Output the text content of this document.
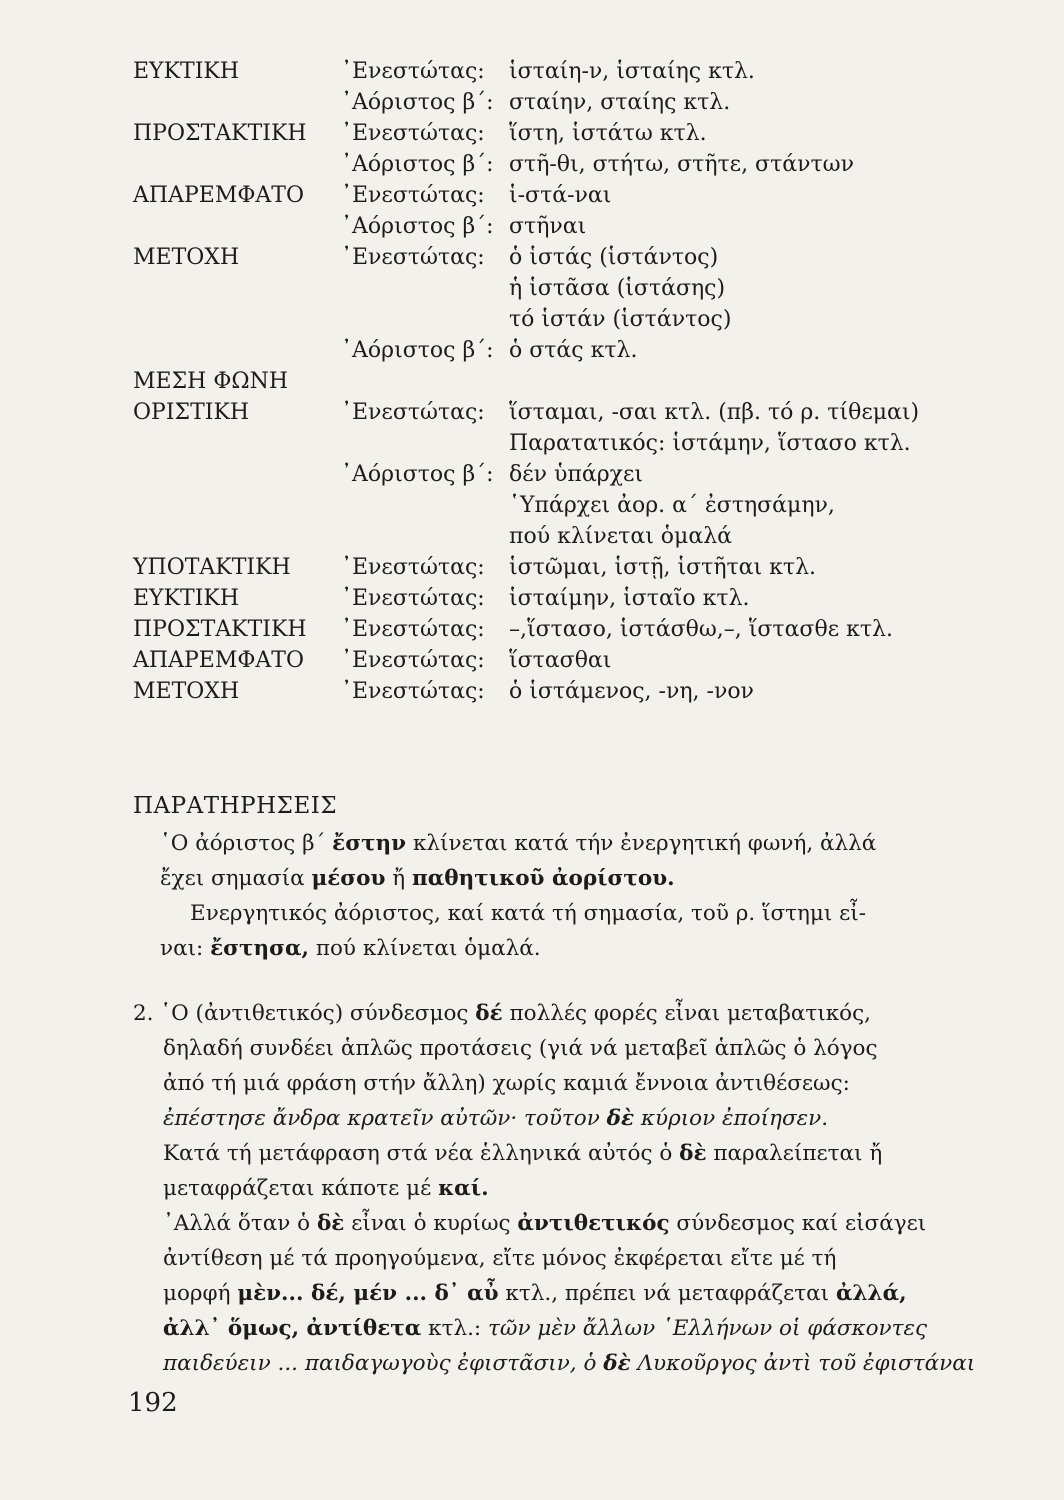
ΕΥΚΤΙΚΗ	᾿Ενεστώτας: ἱσταίη-ν, ἱσταίης κτλ.
᾿Αόριστος β΄: σταίην, σταίης κτλ.
ΠΡΟΣΤΑΚΤΙΚΗ ᾿Ενεστώτας: ἵστη, ἱστάτω κτλ.
᾿Αόριστος β΄: στῆ-θι, στήτω, στῆτε, στάντων
ΑΠΑΡΕΜΦΑΤΟ ᾿Ενεστώτας: ἱ-στά-ναι
᾿Αόριστος β΄: στῆναι
ΜΕΤΟΧΗ	᾿Ενεστώτας: ὁ ἱστάς (ἱστάντος)
ἡ ἱστᾶσα (ἱστάσης)
τό ἱστάν (ἱστάντος)
᾿Αόριστος β΄: ὁ στάς κτλ.
ΜΕΣΗ ΦΩΝΗ
ΟΡΙΣΤΙΚΗ	᾿Ενεστώτας: ἵσταμαι, -σαι κτλ. (πβ. τό ρ. τίθεμαι)
Παρατατικός: ἱστάμην, ἵστασο κτλ.
᾿Αόριστος β΄: δέν ὑπάρχει
῾Υπάρχει ἀορ. α΄ ἐστησάμην,
πού κλίνεται ὁμαλά
ΥΠΟΤΑΚΤΙΚΗ ᾿Ενεστώτας: ἱστῶμαι, ἱστῇ, ἱστῆται κτλ.
ΕΥΚΤΙΚΗ	᾿Ενεστώτας: ἱσταίμην, ἱσταῖο κτλ.
ΠΡΟΣΤΑΚΤΙΚΗ ᾿Ενεστώτας: –,ἵστασο, ἱστάσθω,–, ἵστασθε κτλ.
ΑΠΑΡΕΜΦΑΤΟ ᾿Ενεστώτας: ἵστασθαι
ΜΕΤΟΧΗ	᾿Ενεστώτας: ὁ ἱστάμενος, -νη, -νον
ΠΑΡΑΤΗΡΗΣΕΙΣ
῾Ο ἀόριστος β΄ ἔστην κλίνεται κατά τήν ἐνεργητική φωνή, ἀλλά
ἔχει σημασία μέσου ἤ παθητικοῦ ἀορίστου.
Ενεργητικός ἀόριστος, καί κατά τή σημασία, τοῦ ρ. ἵστημι εἶ-
ναι: ἔστησα, πού κλίνεται ὁμαλά.
2. ῾Ο (ἀντιθετικός) σύνδεσμος δέ πολλές φορές εἶναι μεταβατικός,
δηλαδή συνδέει ἁπλῶς προτάσεις (γιά νά μεταβεῖ ἁπλῶς ὁ λόγος
ἀπό τή μιά φράση στήν ἄλλη) χωρίς καμιά ἔννοια ἀντιθέσεως:
ἐπέστησε ἄνδρα κρατεῖν αὐτῶν· τοῦτον δὲ κύριον ἐποίησεν.
Κατά τή μετάφραση στά νέα ἑλληνικά αὐτός ὁ δὲ παραλείπεται ἤ
μεταφράζεται κάποτε μέ καί.
᾿Αλλά ὅταν ὁ δὲ εἶναι ὁ κυρίως ἀντιθετικός σύνδεσμος καί εἰσάγει
ἀντίθεση μέ τά προηγούμενα, εἴτε μόνος ἐκφέρεται εἴτε μέ τή
μορφή μὲν... δέ, μέν ... δ᾿ αὖ κτλ., πρέπει νά μεταφράζεται ἀλλά,
ἀλλ᾿ ὅμως, ἀντίθετα κτλ.: τῶν μὲν ἄλλων ῾Ελλήνων οἱ φάσκοντες
παιδεύειν ... παιδαγωγοὺς ἐφιστᾶσιν, ὁ δὲ Λυκοῦργος ἀντὶ τοῦ ἐφιστάναι
192
